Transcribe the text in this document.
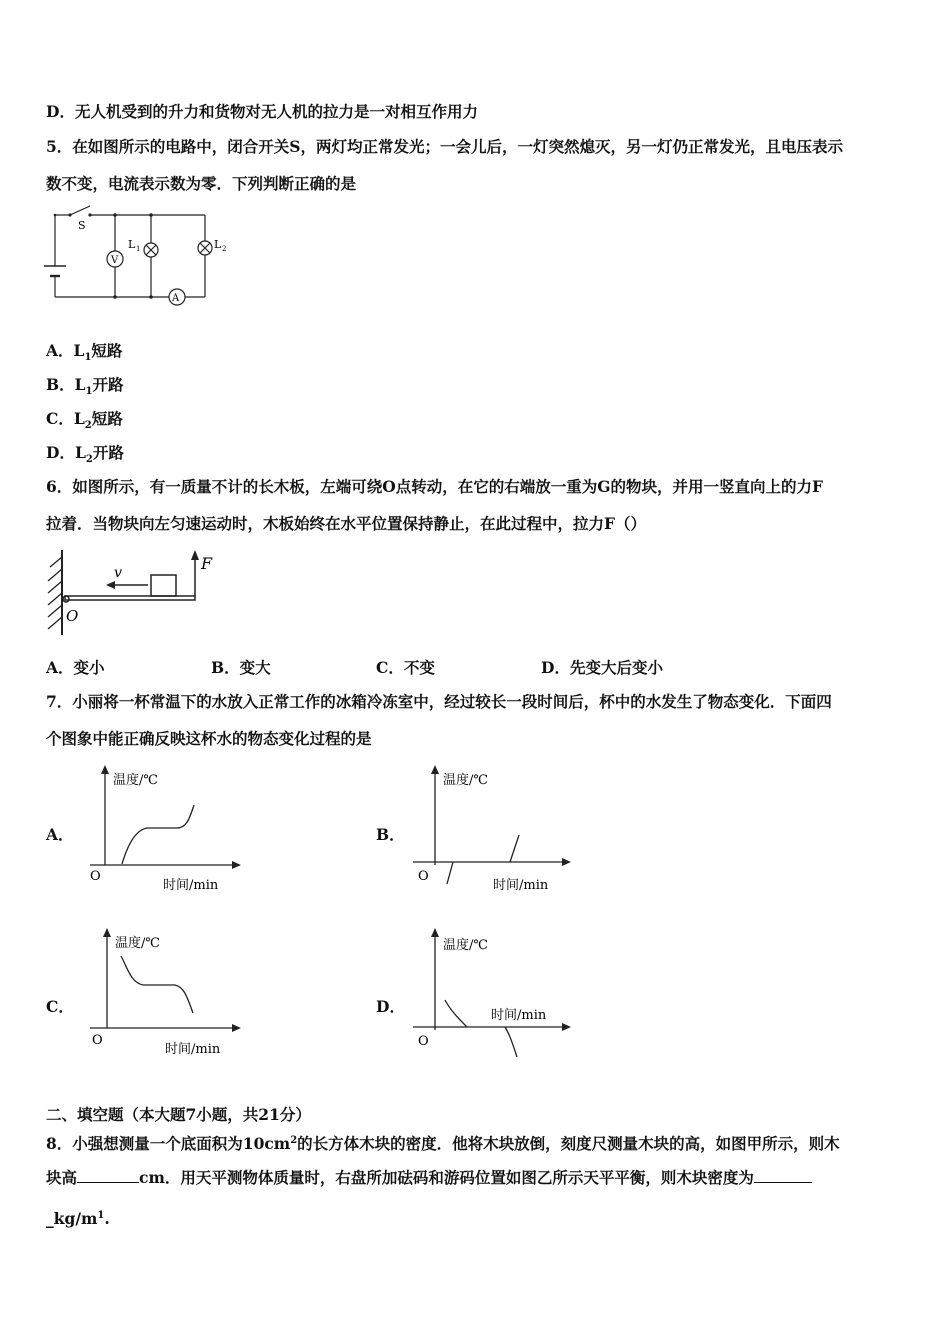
D．无人机受到的升力和货物对无人机的拉力是一对相互作用力
5．在如图所示的电路中，闭合开关S，两灯均正常发光；一会儿后，一灯突然熄灭，另一灯仍正常发光，且电压表示
数不变，电流表示数为零．下列判断正确的是
S
V
A
L 1	L 2
A．$L_1$短路
B．$L_1$开路
C．$L_2$短路
D．$L_2$开路
6．如图所示，有一质量不计的长木板，左端可绕O点转动，在它的右端放一重为G的物块，并用一竖直向上的力F
拉着．当物块向左匀速运动时，木板始终在水平位置保持静止，在此过程中，拉力F（）
v	F
O
A．变小	B．变大	C．不变	D．先变大后变小
7．小丽将一杯常温下的水放入正常工作的冰箱冷冻室中，经过较长一段时间后，杯中的水发生了物态变化．下面四
个图象中能正确反映这杯水的物态变化过程的是
A．
温度/℃
时间/min
O
B．
温度/℃
时间/min
O
C．
温度/℃
时间/min
O
D．
温度/℃
时间/min
O
二、填空题（本大题7小题，共21分）
8．小强想测量一个底面积为$10cm^2$的长方体木块的密度．他将木块放倒，刻度尺测量木块的高，如图甲所示，则木
块高	cm．用天平测物体质量时，右盘所加砝码和游码位置如图乙所示天平平衡，则木块密度为
$\_kg/m^1$.
